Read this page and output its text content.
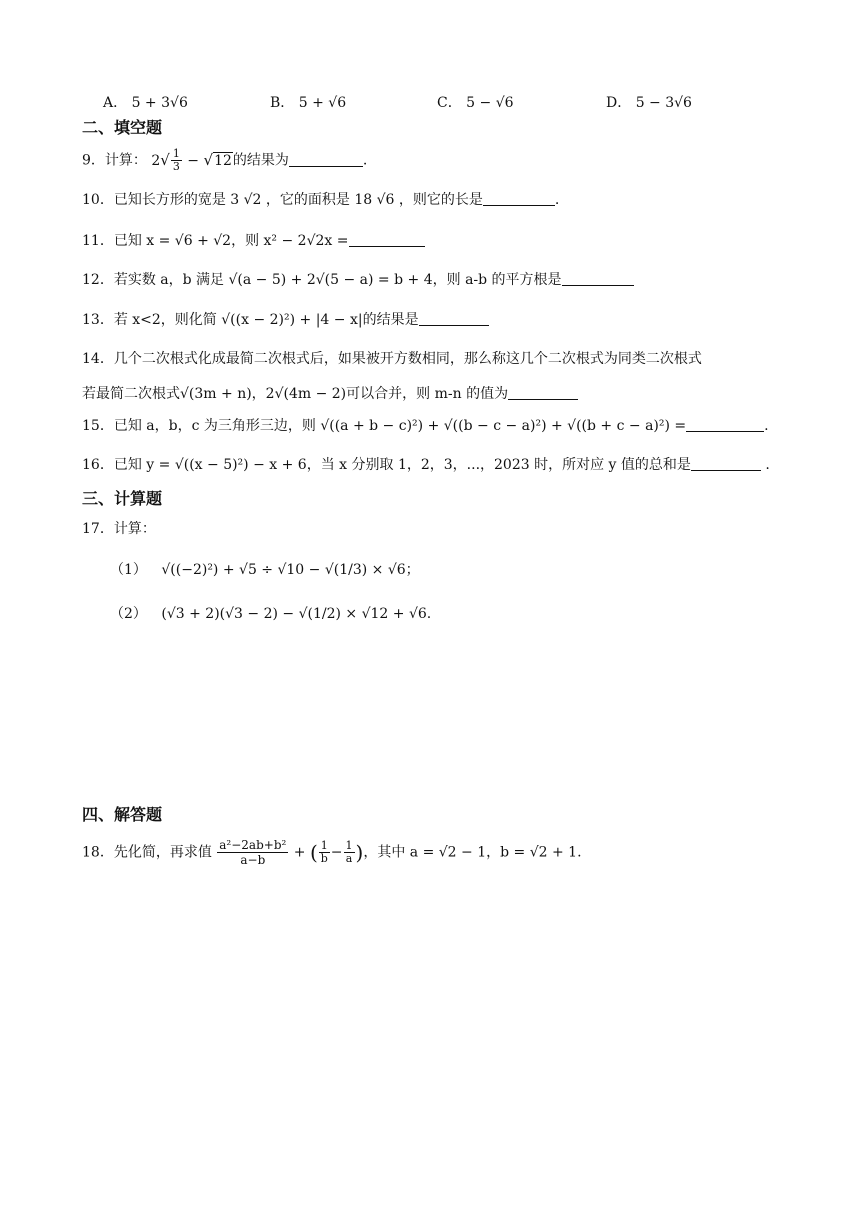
A． 5 + 3√6	B． 5 + √6	C． 5 − √6	D． 5 − 3√6
二、填空题
9．计算： $2√ \frac{1}{3} - √12$的结果为	.
10．已知长方形的宽是 3 √2 ，它的面积是 18 √6 ，则它的长是	.
11．已知 x = √6 + √2，则 x² − 2√2x =
12．若实数 a，b 满足 √(a − 5) + 2√(5 − a) = b + 4，则 a-b 的平方根是
13．若 x<2，则化简 √((x − 2)²) + |4 − x|的结果是
14．几个二次根式化成最简二次根式后，如果被开方数相同，那么称这几个二次根式为同类二次根式
若最简二次根式√(3m + n)，2√(4m − 2)可以合并，则 m-n 的值为
15．已知 a，b，c 为三角形三边，则 √((a + b − c)²) + √((b − c − a)²) + √((b + c − a)²) =	.
16．已知 y = √((x − 5)²) − x + 6，当 x 分别取 1，2，3，...，2023 时，所对应 y 值的总和是	.
三、计算题
17．计算：
（1） √((−2)²) + √5 ÷ √10 − √(1/3) × √6；
（2） (√3 + 2)(√3 − 2) − √(1/2) × √12 + √6.
四、解答题
18．先化简，再求值 $\frac{\text{a²−2ab+b²}}{a-b}$ + ( $\frac{1}{b} - \frac{1}{a}$ )，其中 a = √2 − 1，b = √2 + 1.
